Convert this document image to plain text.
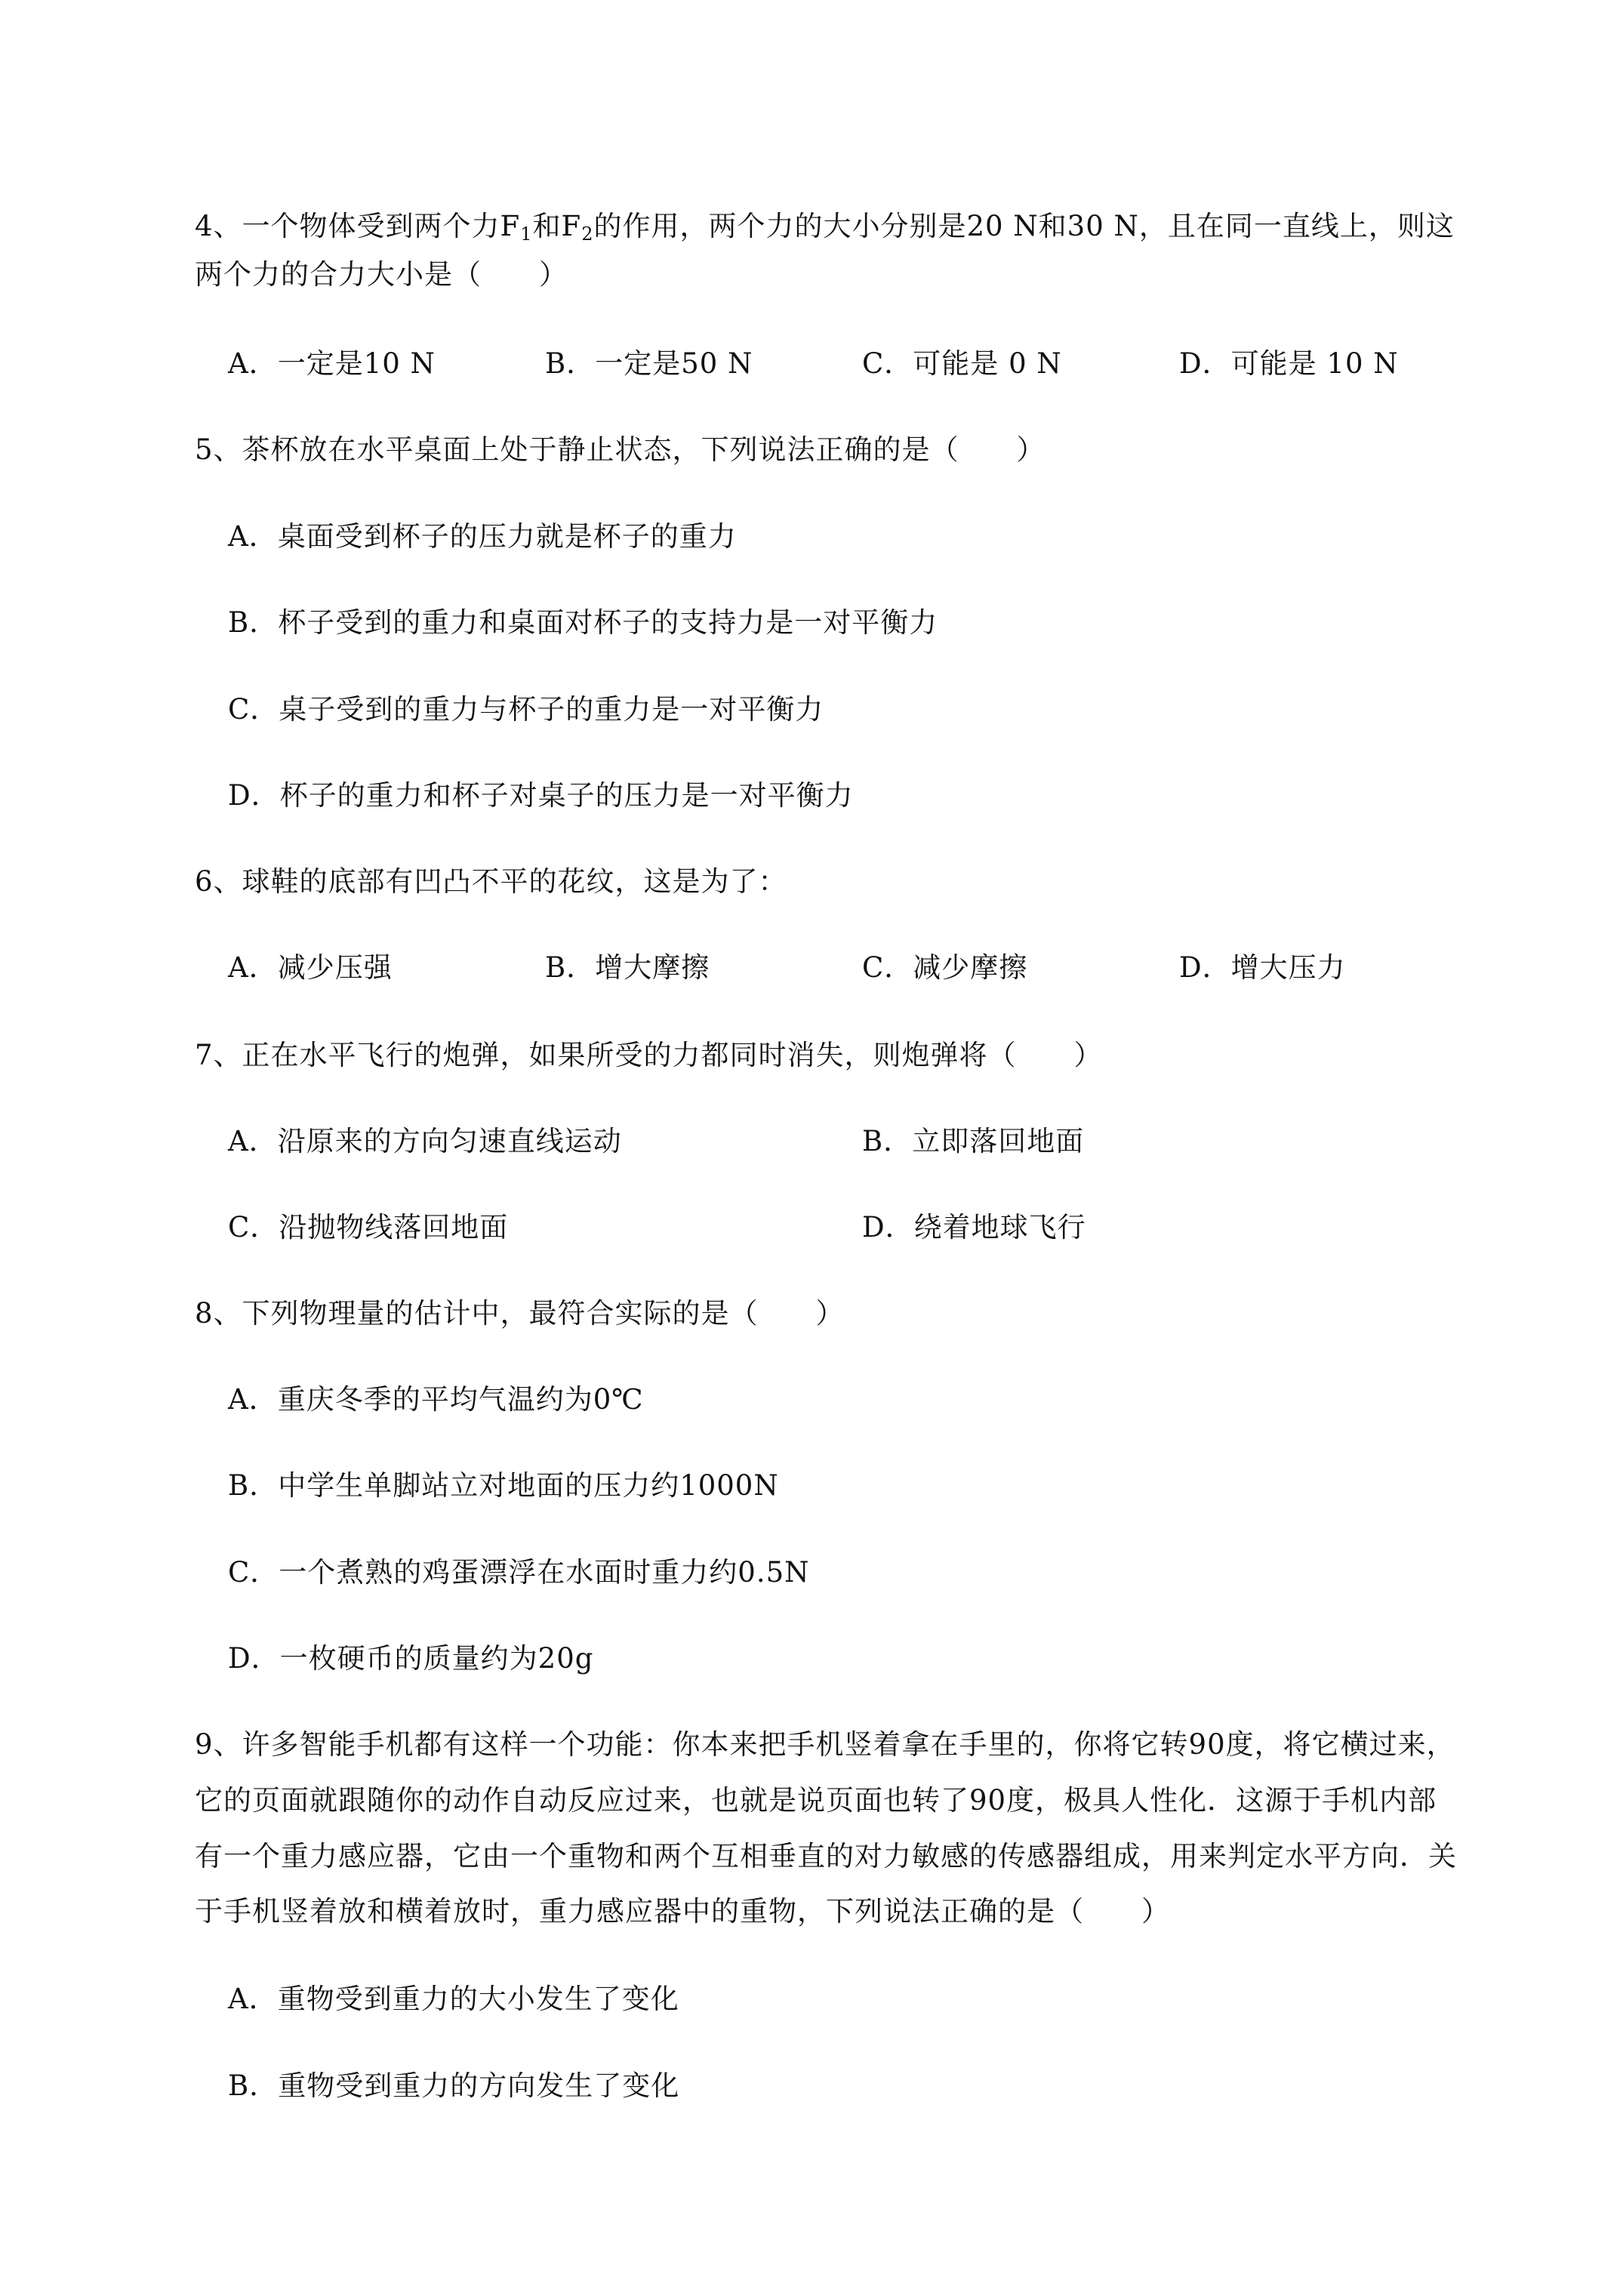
4、一个物体受到两个力$F_1$和$F_2$的作用，两个力的大小分别是20 N和30 N，且在同一直线上，则这
两个力的合力大小是（　　）
A．一定是10 N	B．一定是50 N	C．可能是 0 N	D．可能是 10 N
5、茶杯放在水平桌面上处于静止状态，下列说法正确的是（　　）
A．桌面受到杯子的压力就是杯子的重力
B．杯子受到的重力和桌面对杯子的支持力是一对平衡力
C．桌子受到的重力与杯子的重力是一对平衡力
D．杯子的重力和杯子对桌子的压力是一对平衡力
6、球鞋的底部有凹凸不平的花纹，这是为了：
A．减少压强	B．增大摩擦	C．减少摩擦	D．增大压力
7、正在水平飞行的炮弹，如果所受的力都同时消失，则炮弹将（　　）
A．沿原来的方向匀速直线运动	B．立即落回地面
C．沿抛物线落回地面	D．绕着地球飞行
8、下列物理量的估计中，最符合实际的是（　　）
A．重庆冬季的平均气温约为0℃
B．中学生单脚站立对地面的压力约1000N
C．一个煮熟的鸡蛋漂浮在水面时重力约0.5N
D．一枚硬币的质量约为20g
9、许多智能手机都有这样一个功能：你本来把手机竖着拿在手里的，你将它转90度，将它横过来，
它的页面就跟随你的动作自动反应过来，也就是说页面也转了90度，极具人性化．这源于手机内部
有一个重力感应器，它由一个重物和两个互相垂直的对力敏感的传感器组成，用来判定水平方向．关
于手机竖着放和横着放时，重力感应器中的重物，下列说法正确的是（　　）
A．重物受到重力的大小发生了变化
B．重物受到重力的方向发生了变化
